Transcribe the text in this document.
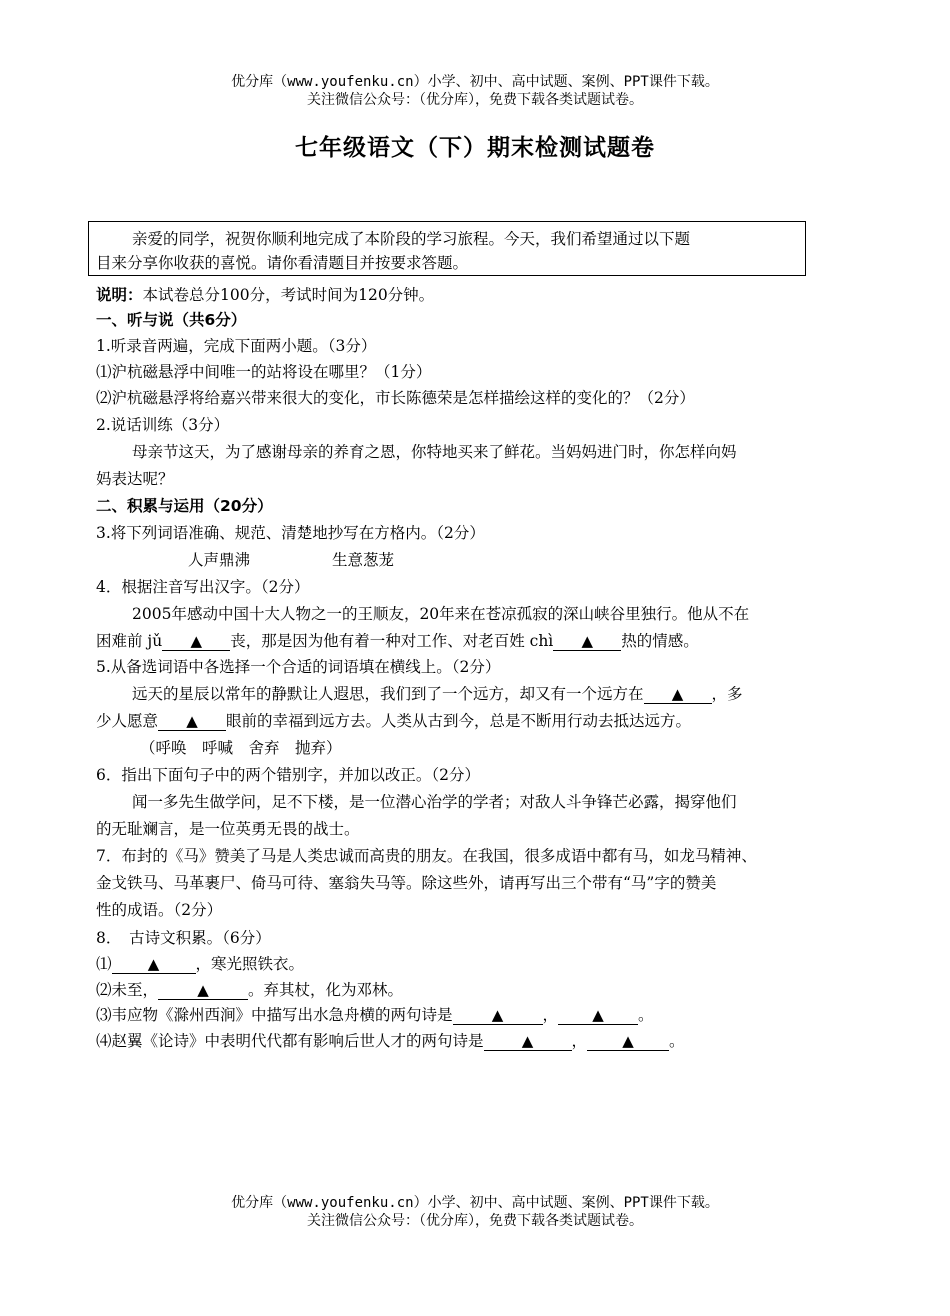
优分库（www.youfenku.cn）小学、初中、高中试题、案例、PPT课件下载。
关注微信公众号：（优分库），免费下载各类试题试卷。
七年级语文（下）期末检测试题卷
亲爱的同学，祝贺你顺利地完成了本阶段的学习旅程。今天，我们希望通过以下题
目来分享你收获的喜悦。请你看清题目并按要求答题。
说明：本试卷总分100分，考试时间为120分钟。
一、听与说（共6分）
1.听录音两遍，完成下面两小题。（3分）
⑴沪杭磁悬浮中间唯一的站将设在哪里？（1分）
⑵沪杭磁悬浮将给嘉兴带来很大的变化，市长陈德荣是怎样描绘这样的变化的？（2分）
2.说话训练（3分）
母亲节这天，为了感谢母亲的养育之恩，你特地买来了鲜花。当妈妈进门时，你怎样向妈
妈表达呢？
二、积累与运用（20分）
3.将下列词语准确、规范、清楚地抄写在方格内。（2分）
人声鼎沸	生意葱茏
4．根据注音写出汉字。（2分）
2005年感动中国十大人物之一的王顺友，20年来在苍凉孤寂的深山峡谷里独行。他从不在
困难前 jǔ ▲ 丧，那是因为他有着一种对工作、对老百姓 chì ▲ 热的情感。
5.从备选词语中各选择一个合适的词语填在横线上。（2分）
远天的星辰以常年的静默让人遐思，我们到了一个远方，却又有一个远方在 ▲ ，多
少人愿意 ▲ 眼前的幸福到远方去。人类从古到今，总是不断用行动去抵达远方。
（呼唤　呼喊　舍弃　抛弃）
6．指出下面句子中的两个错别字，并加以改正。（2分）
闻一多先生做学问，足不下楼，是一位潜心治学的学者；对敌人斗争锋芒必露，揭穿他们
的无耻斓言，是一位英勇无畏的战士。
7．布封的《马》赞美了马是人类忠诚而高贵的朋友。在我国，很多成语中都有马，如龙马精神、
金戈铁马、马革裹尸、倚马可待、塞翁失马等。除这些外，请再写出三个带有“马”字的赞美
性的成语。（2分）
8．　古诗文积累。（6分）
⑴ ▲ ，寒光照铁衣。
⑵未至，	▲	。弃其杖，化为邓林。
⑶韦应物《滁州西涧》中描写出水急舟横的两句诗是	▲	， ▲ 。
⑷赵翼《论诗》中表明代代都有影响后世人才的两句诗是	▲ ， ▲ 。
优分库（www.youfenku.cn）小学、初中、高中试题、案例、PPT课件下载。
关注微信公众号：（优分库），免费下载各类试题试卷。
